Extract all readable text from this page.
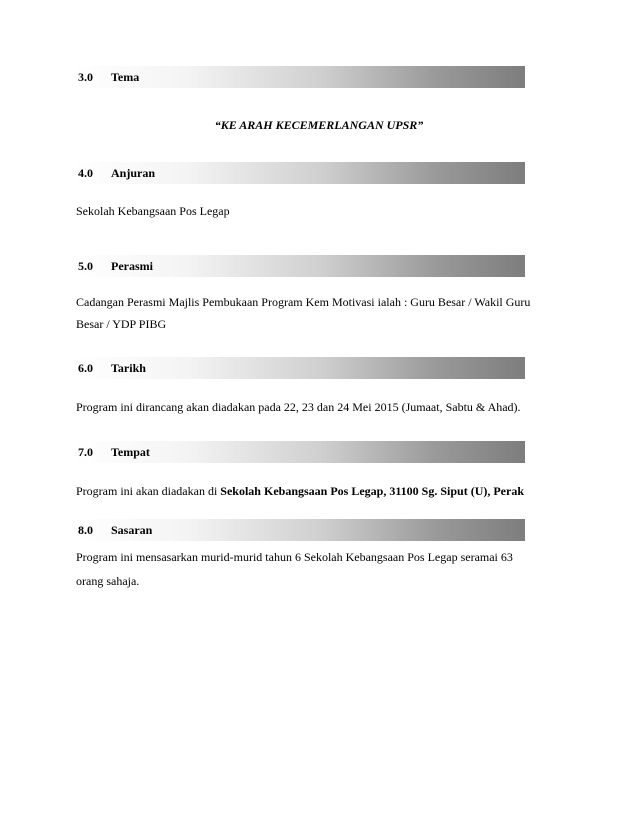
3.0 Tema
“KE ARAH KECEMERLANGAN UPSR”
4.0 Anjuran
Sekolah Kebangsaan Pos Legap
5.0 Perasmi
Cadangan Perasmi Majlis Pembukaan Program Kem Motivasi ialah : Guru Besar / Wakil Guru
Besar / YDP PIBG
6.0 Tarikh
Program ini dirancang akan diadakan pada 22, 23 dan 24 Mei 2015 (Jumaat, Sabtu & Ahad).
7.0 Tempat
Program ini akan diadakan di Sekolah Kebangsaan Pos Legap, 31100 Sg. Siput (U), Perak
8.0 Sasaran
Program ini mensasarkan murid-murid tahun 6 Sekolah Kebangsaan Pos Legap seramai 63
orang sahaja.
